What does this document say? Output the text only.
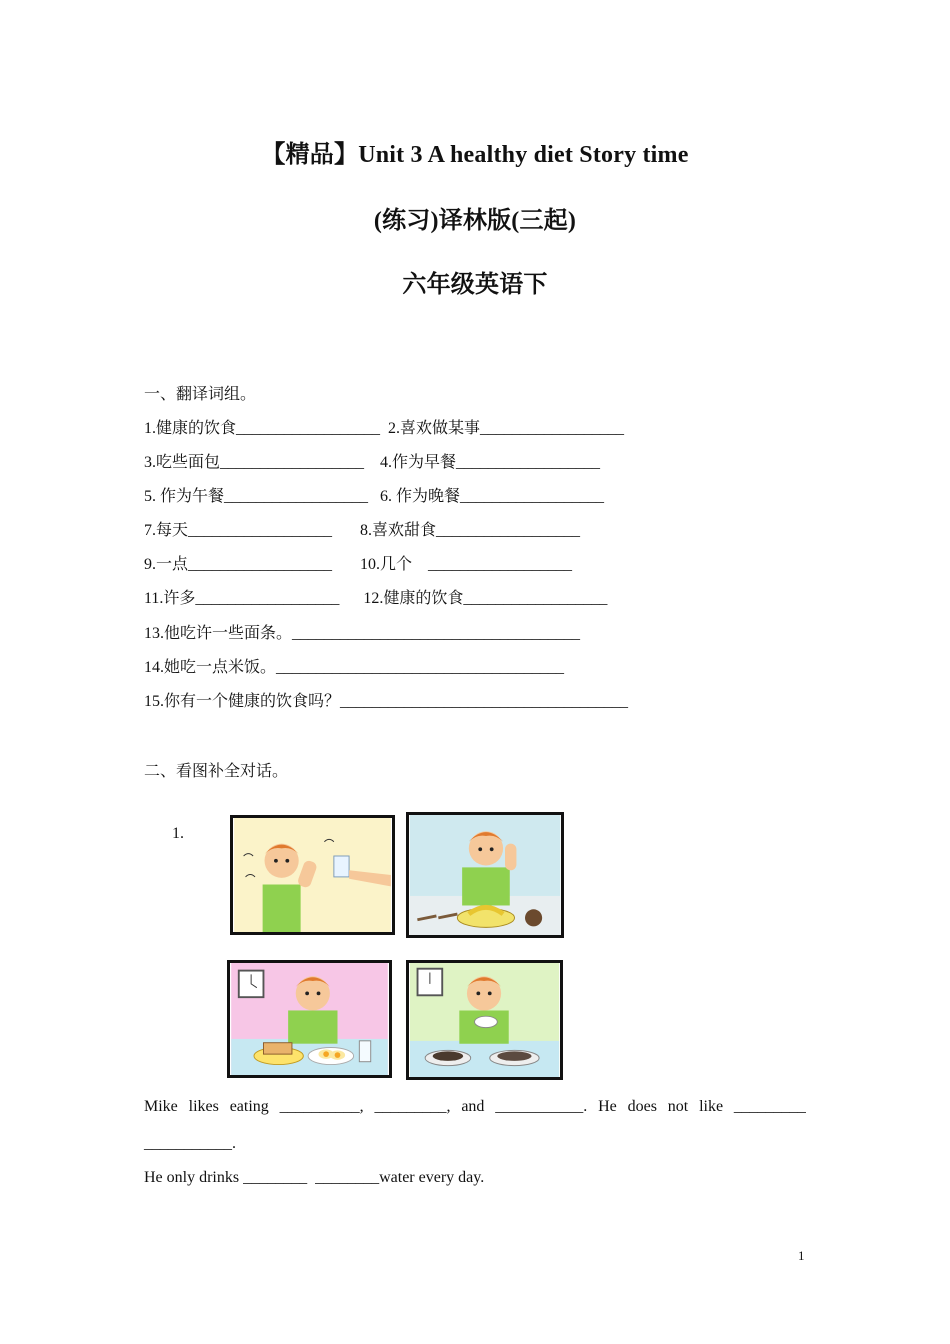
【精品】Unit 3 A healthy diet Story time
(练习)译林版(三起)
六年级英语下
一、翻译词组。
1.健康的饮食__________________  2.喜欢做某事__________________
3.吃些面包__________________    4.作为早餐__________________
5. 作为午餐__________________   6. 作为晚餐__________________
7.每天__________________       8.喜欢甜食__________________
9.一点__________________       10.几个    __________________
11.许多__________________      12.健康的饮食__________________
13.他吃许一些面条。____________________________________
14.她吃一点米饭。____________________________________
15.你有一个健康的饮食吗？____________________________________
二、看图补全对话。
1.
Mike likes eating __________, _________, and ___________. He does not like _________
___________.
He only drinks ________  ________water every day.
1
